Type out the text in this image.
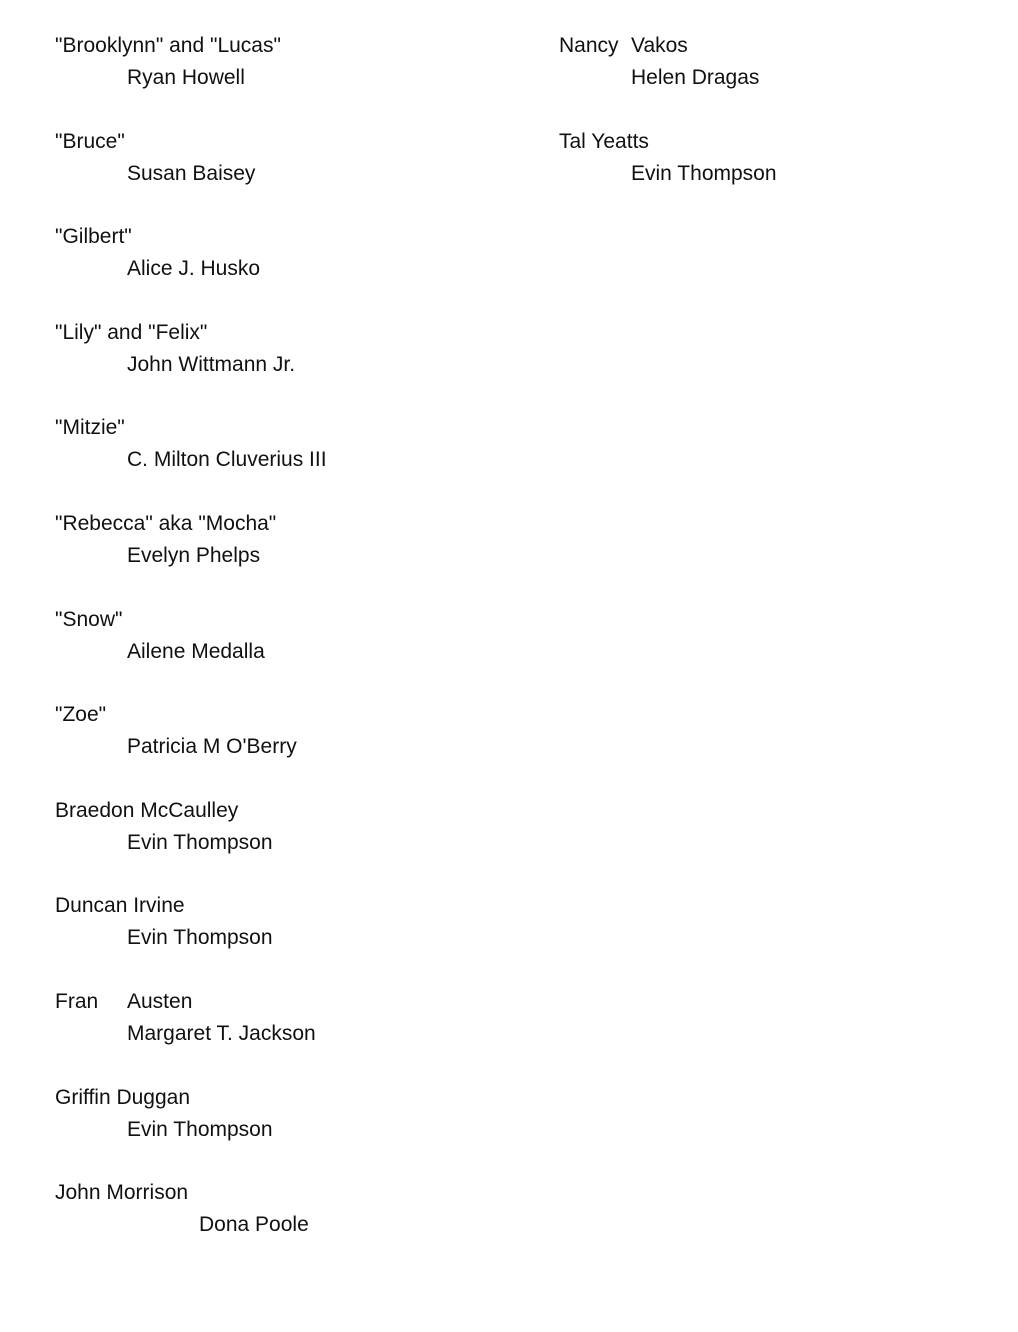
"Brooklynn" and "Lucas"
Ryan Howell
"Bruce"
Susan Baisey
"Gilbert"
Alice J. Husko
"Lily" and "Felix"
John Wittmann Jr.
"Mitzie"
C. Milton Cluverius III
"Rebecca" aka "Mocha"
Evelyn Phelps
"Snow"
Ailene Medalla
"Zoe"
Patricia M O'Berry
Braedon McCaulley
Evin Thompson
Duncan Irvine
Evin Thompson
Fran Austen
Margaret T. Jackson
Griffin Duggan
Evin Thompson
John Morrison
Dona Poole
Nancy Vakos
Helen Dragas
Tal Yeatts
Evin Thompson
